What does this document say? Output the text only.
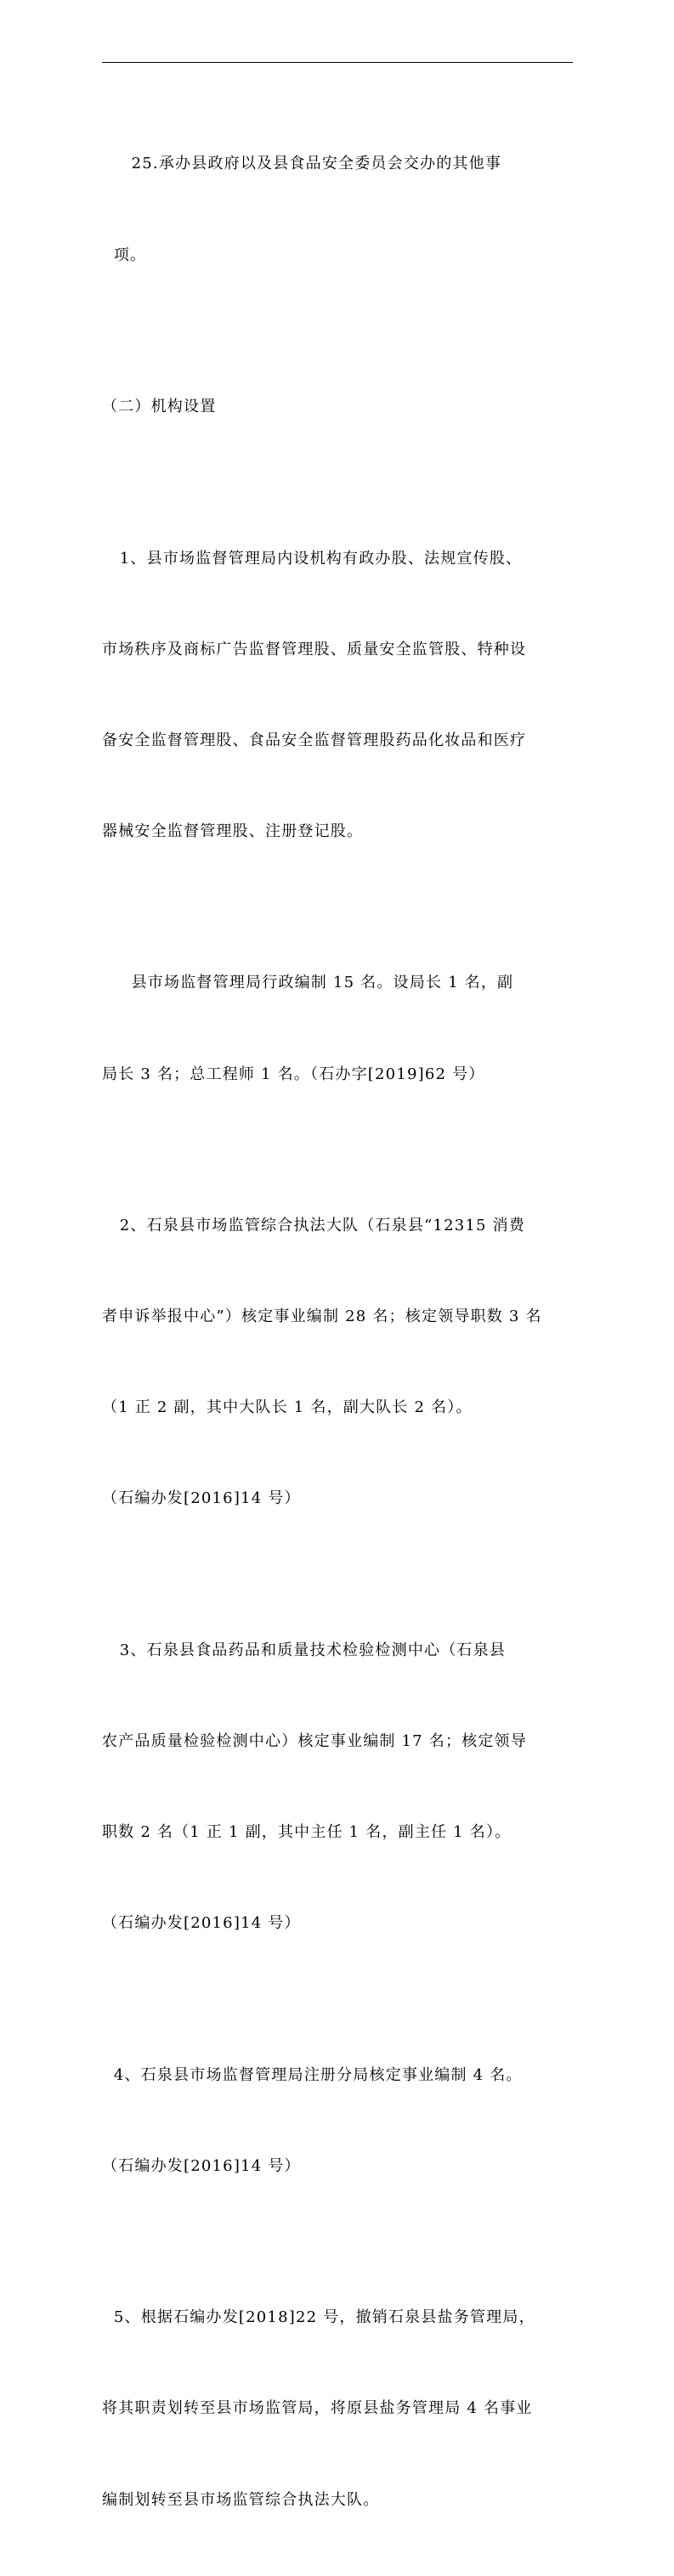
25.承办县政府以及县食品安全委员会交办的其他事

项。

（二）机构设置

1、县市场监督管理局内设机构有政办股、法规宣传股、

市场秩序及商标广告监督管理股、质量安全监管股、特种设

备安全监督管理股、食品安全监督管理股药品化妆品和医疗

器械安全监督管理股、注册登记股。

县市场监督管理局行政编制 15 名。设局长 1 名，副

局长 3 名；总工程师 1 名。（石办字[2019]62 号）

2、石泉县市场监管综合执法大队（石泉县“12315 消费

者申诉举报中心”）核定事业编制 28 名；核定领导职数 3 名

（1 正 2 副，其中大队长 1 名，副大队长 2 名）。

（石编办发[2016]14 号）

3、石泉县食品药品和质量技术检验检测中心（石泉县

农产品质量检验检测中心）核定事业编制 17 名；核定领导

职数 2 名（1 正 1 副，其中主任 1 名，副主任 1 名）。

（石编办发[2016]14 号）

4、石泉县市场监督管理局注册分局核定事业编制 4 名。

（石编办发[2016]14 号）

5、根据石编办发[2018]22 号，撤销石泉县盐务管理局，

将其职责划转至县市场监管局，将原县盐务管理局 4 名事业

编制划转至县市场监管综合执法大队。
